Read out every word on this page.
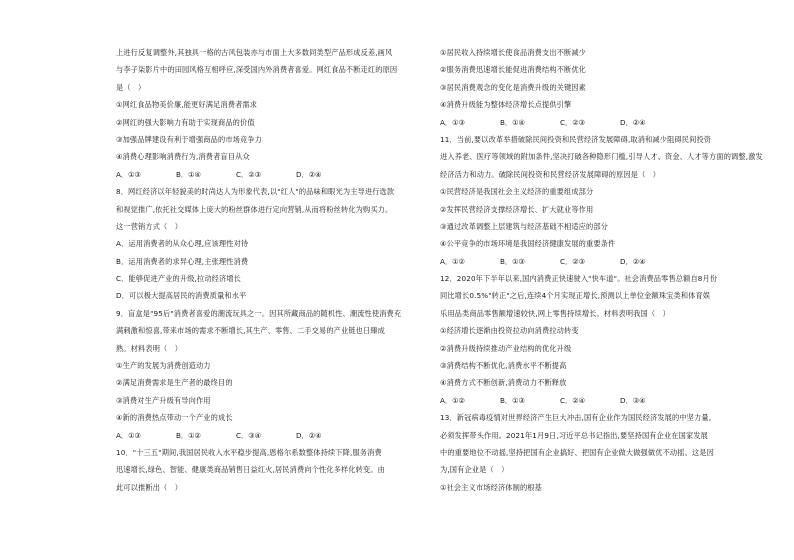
上进行反复调整外,其独具一格的古风包装亦与市面上大多数同类型产品形成反差,画风
与李子柒影片中的田园风格互相呼应,深受国内外消费者喜爱。网红食品不断走红的原因
是（　）
①网红食品物美价廉,能更好满足消费者需求
②网红的强大影响力有助于实现商品的价值
③加强品牌建设有利于增强商品的市场竞争力
④消费心理影响消费行为,消费者盲目从众
A．①③	B．①④	C．②③	D．②④
8．网红经济以年轻貌美的时尚达人为形象代表,以"红人"的品味和眼光为主导进行选款
和视觉推广,依托社交媒体上庞大的粉丝群体进行定向营销,从而将粉丝转化为购买力。
这一营销方式（　）
A．运用消费者的从众心理,应该理性对待
B．运用消费者的求异心理,主张理性消费
C．能够促进产业的升级,拉动经济增长
D．可以极大提高居民的消费质量和水平
9．盲盒是"95后"消费者喜爱的潮流玩具之一。因其所藏商品的随机性、潮流性使消费充
满刺激和惊喜,带来市场的需求不断增长,其生产、零售、二手交易的产业链也日臻成
熟。材料表明（　）
①生产的发展为消费创造动力
②满足消费需求是生产者的最终目的
③消费对生产升级有导向作用
④新的消费热点带动一个产业的成长
A．①③	B．①②	C．③④	D．②④
10．"十三五"期间,我国居民收入水平稳步提高,恩格尔系数整体持续下降,服务消费
迅速增长,绿色、智能、健康类商品销售日益红火,居民消费向个性化多样化转变。由
此可以推断出（　）
①居民收入持续增长使食品消费支出不断减少
②服务消费迅速增长能促进消费结构不断优化
③居民消费观念的变化是消费升级的关键因素
④消费升级能为整体经济增长点提供引擎
A．①③	B．①④	C．②③	D．②④
11．当前,要以改革举措破除民间投资和民营经济发展障碍,取消和减少阻碍民间投资
进入养老、医疗等领域的附加条件,坚决打破各种隐形门槛,引导人才、资金、人才等方面的调整,激发
经济活力和动力。破除民间投资和民营经济发展障碍的原因是（　）
①民营经济是我国社会主义经济的重要组成部分
②发挥民营经济支撑经济增长、扩大就业等作用
③通过改革调整上层建筑与经济基础不相适应的部分
④公平竞争的市场环境是我国经济健康发展的重要条件
A．①②	B．①③	C．②③	D．②④
12．2020年下半年以来,国内消费正快速驶入"快车道"。社会消费品零售总额自8月份
同比增长0.5%"转正"之后,连续4个月实现正增长,预测以上单位金额珠宝类和体育娱
乐用品类商品零售额增速较快,网上零售持续增长。材料表明我国（　）
①经济增长逐渐由投资拉动向消费拉动转变
②消费升级持续推动产业结构的优化升级
③消费结构不断优化,消费水平不断提高
④消费方式不断创新,消费动力不断释放
A．①②	B．①③	C．②④	D．③④
13．新冠病毒疫情对世界经济产生巨大冲击,国有企业作为国民经济发展的中坚力量,
必须发挥带头作用。2021年1月9日,习近平总书记指出,要坚持国有企业在国家发展
中的重要地位不动摇,坚持把国有企业搞好、把国有企业做大做强做优不动摇。这是因
为,国有企业是（　）
①社会主义市场经济体制的根基
